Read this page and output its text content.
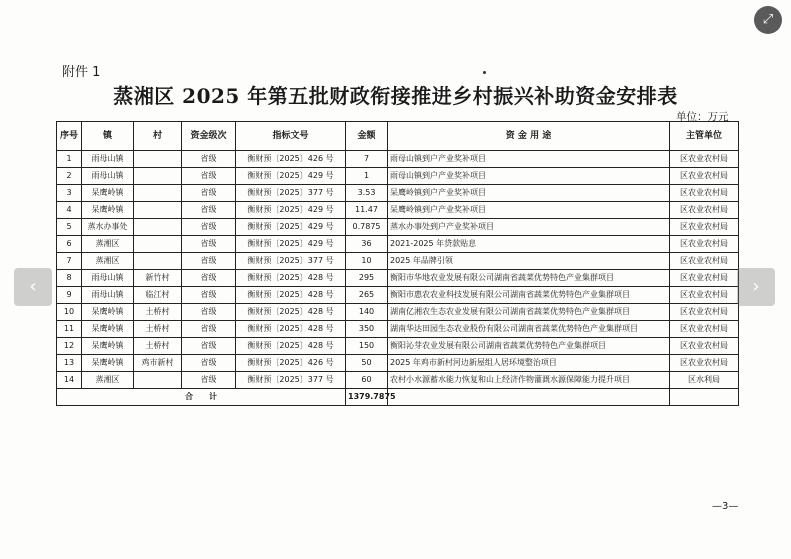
附件 1
蒸湘区 2025 年第五批财政衔接推进乡村振兴补助资金安排表
单位：万元
序号	镇	村	资金级次	指标文号	金额	资 金 用 途	主管单位
1	雨母山镇		省级	衡财预〔2025〕426 号	7	雨母山镇到户产业奖补项目	区农业农村局
2	雨母山镇		省级	衡财预〔2025〕429 号	1	雨母山镇到户产业奖补项目	区农业农村局
3	呆鹰岭镇		省级	衡财预〔2025〕377 号	3.53	呆鹰岭镇到户产业奖补项目	区农业农村局
4	呆鹰岭镇		省级	衡财预〔2025〕429 号	11.47	呆鹰岭镇到户产业奖补项目	区农业农村局
5	蒸水办事处		省级	衡财预〔2025〕429 号	0.7875	蒸水办事处到户产业奖补项目	区农业农村局
6	蒸湘区		省级	衡财预〔2025〕429 号	36	2021-2025 年贷款贴息	区农业农村局
7	蒸湘区		省级	衡财预〔2025〕377 号	10	2025 年品牌引领	区农业农村局
8	雨母山镇	新竹村	省级	衡财预〔2025〕428 号	295	衡阳市华地农业发展有限公司湖南省蔬菜优势特色产业集群项目	区农业农村局
9	雨母山镇	临江村	省级	衡财预〔2025〕428 号	265	衡阳市惠农农业科技发展有限公司湖南省蔬菜优势特色产业集群项目	区农业农村局
10	呆鹰岭镇	土桥村	省级	衡财预〔2025〕428 号	140	湖南亿湘农生态农业发展有限公司湖南省蔬菜优势特色产业集群项目	区农业农村局
11	呆鹰岭镇	土桥村	省级	衡财预〔2025〕428 号	350	湖南华达田园生态农业股份有限公司湖南省蔬菜优势特色产业集群项目	区农业农村局
12	呆鹰岭镇	土桥村	省级	衡财预〔2025〕428 号	150	衡阳沁芽农业发展有限公司湖南省蔬菜优势特色产业集群项目	区农业农村局
13	呆鹰岭镇	鸡市新村	省级	衡财预〔2025〕426 号	50	2025 年鸡市新村河边新屋组人居环境整治项目	区农业农村局
14	蒸湘区		省级	衡财预〔2025〕377 号	60	农村小水源蓄水能力恢复和山上经济作物灌溉水源保障能力提升项目	区水利局
合　　计					1379.7875		
—3—
‹	›
⤢
